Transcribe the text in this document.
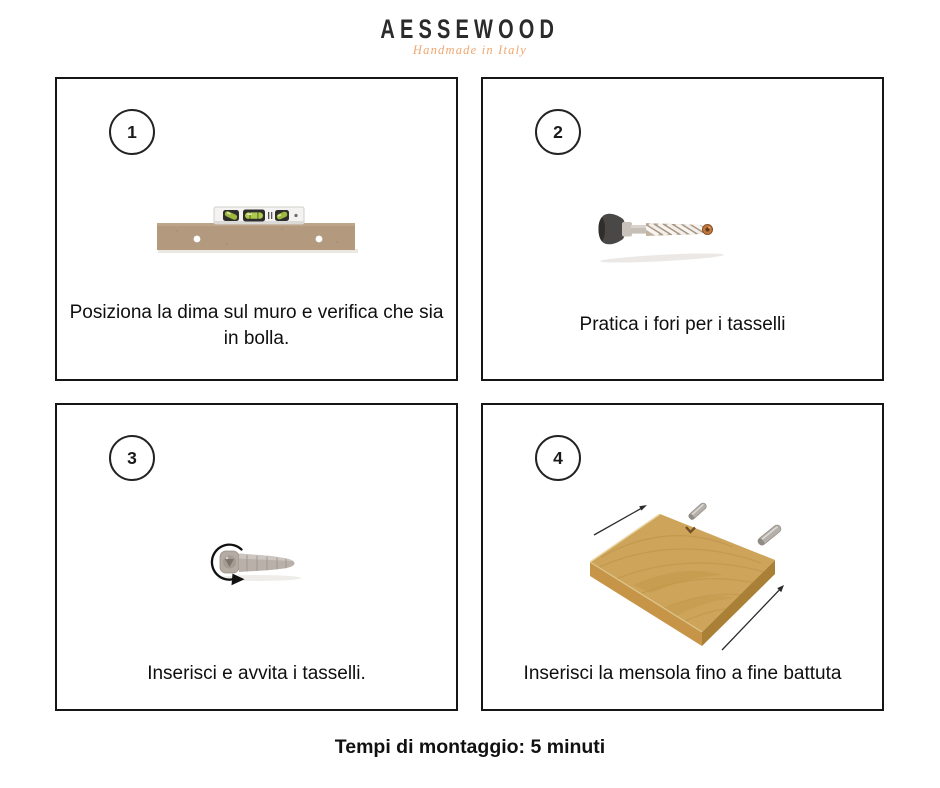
AESSEWOOD
Handmade in Italy
1

Posiziona la dima sul muro e verifica che sia in bolla.

2

Pratica i fori per i tasselli

3

Inserisci e avvita i tasselli.

4

Inserisci la mensola fino a fine battuta

Tempi di montaggio: 5 minuti
